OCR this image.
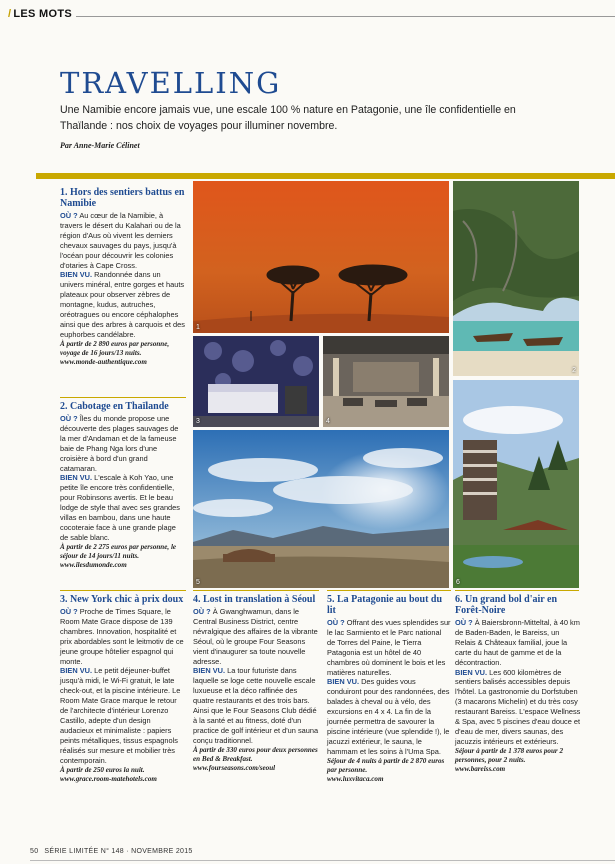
/ LES MOTS
TRAVELLING

Une Namibie encore jamais vue, une escale 100 % nature en Patagonie, une île confidentielle en Thaïlande : nos choix de voyages pour illuminer novembre.

Par Anne-Marie Célinet

1. Hors des sentiers battus en Namibie

OÙ ? Au cœur de la Namibie, à travers le désert du Kalahari ou de la région d'Aus où vivent les derniers chevaux sauvages du pays, jusqu'à l'océan pour découvrir les colonies d'otaries à Cape Cross.

BIEN VU. Randonnée dans un univers minéral, entre gorges et hauts plateaux pour observer zèbres de montagne, kudus, autruches, oréotragues ou encore céphalophes ainsi que des arbres à carquois et des euphorbes candélabre.

À partir de 2 890 euros par personne, voyage de 16 jours/13 nuits.

www.monde-authentique.com

2. Cabotage en Thaïlande

OÙ ? Îles du monde propose une découverte des plages sauvages de la mer d'Andaman et de la fameuse baie de Phang Nga lors d'une croisière à bord d'un grand catamaran.

BIEN VU. L'escale à Koh Yao, une petite île encore très confidentielle, pour Robinsons avertis. Et le beau lodge de style thaï avec ses grandes villas en bambou, dans une haute cocoteraie face à une grande plage de sable blanc.

À partir de 2 275 euros par personne, le séjour de 14 jours/11 nuits.

www.ilesdumonde.com

3. New York chic à prix doux

OÙ ? Proche de Times Square, le Room Mate Grace dispose de 139 chambres. Innovation, hospitalité et prix abordables sont le leitmotiv de ce jeune groupe hôtelier espagnol qui monte.

BIEN VU. Le petit déjeuner-buffet jusqu'à midi, le Wi-Fi gratuit, le late check-out, et la piscine intérieure. Le Room Mate Grace marque le retour de l'architecte d'intérieur Lorenzo Castillo, adepte d'un design audacieux et minimaliste : papiers peints métalliques, tissus espagnols réalisés sur mesure et mobilier très contemporain.

À partir de 250 euros la nuit.

www.grace.room-matehotels.com

4. Lost in translation à Séoul

OÙ ? À Gwanghwamun, dans le Central Business District, centre névralgique des affaires de la vibrante Séoul, où le groupe Four Seasons vient d'inaugurer sa toute nouvelle adresse.

BIEN VU. La tour futuriste dans laquelle se loge cette nouvelle escale luxueuse et la déco raffinée des quatre restaurants et des trois bars. Ainsi que le Four Seasons Club dédié à la santé et au fitness, doté d'un practice de golf intérieur et d'un sauna conçu traditionnel.

À partir de 330 euros pour deux personnes en Bed & Breakfast.

www.fourseasons.com/seoul

5. La Patagonie au bout du lit

OÙ ? Offrant des vues splendides sur le lac Sarmiento et le Parc national de Torres del Paine, le Tierra Patagonia est un hôtel de 40 chambres où dominent le bois et les matières naturelles.

BIEN VU. Des guides vous conduiront pour des randonnées, des balades à cheval ou à vélo, des excursions en 4 x 4. La fin de la journée permettra de savourer la piscine intérieure (vue splendide !), le jacuzzi extérieur, le sauna, le hammam et les soins à l'Uma Spa.

Séjour de 4 nuits à partir de 2 870 euros par personne.

www.luxvitaca.com

6. Un grand bol d'air en Forêt-Noire

OÙ ? À Baiersbronn-Mitteltal, à 40 km de Baden-Baden, le Bareiss, un Relais & Châteaux familial, joue la carte du haut de gamme et de la décontraction.

BIEN VU. Les 600 kilomètres de sentiers balisés accessibles depuis l'hôtel. La gastronomie du Dorfstuben (3 macarons Michelin) et du très cosy restaurant Bareiss. L'espace Wellness & Spa, avec 5 piscines d'eau douce et d'eau de mer, divers saunas, des jacuzzis intérieurs et extérieurs.

Séjour à partir de 1 378 euros pour 2 personnes, pour 2 nuits.

www.bareiss.com

1
2
3	4
5	6
50 SÉRIE LIMITÉE N° 148 · NOVEMBRE 2015
